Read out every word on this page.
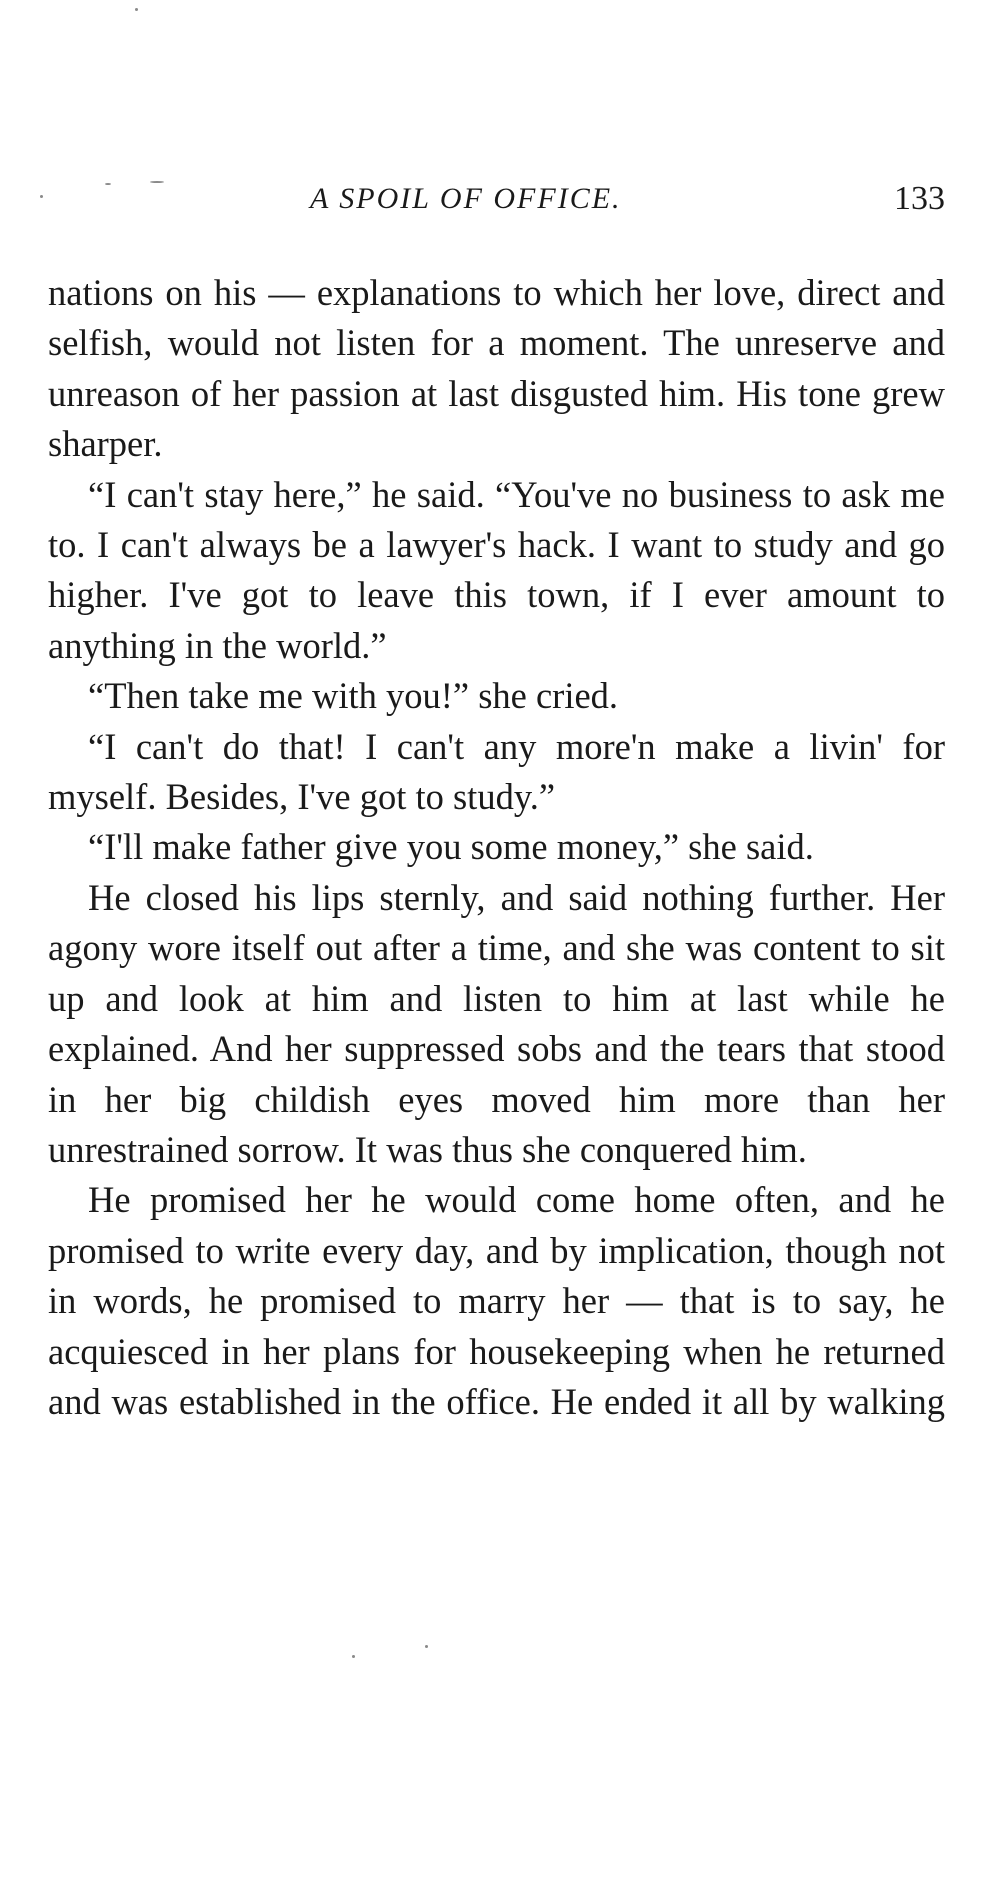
A SPOIL OF OFFICE.	133

nations on his — explanations to which her love, direct and selfish, would not listen for a moment. The unreserve and unreason of her passion at last disgusted him. His tone grew sharper.

“I can't stay here,” he said. “You've no business to ask me to. I can't always be a lawyer's hack. I want to study and go higher. I've got to leave this town, if I ever amount to anything in the world.”

“Then take me with you!” she cried.

“I can't do that! I can't any more'n make a livin' for myself. Besides, I've got to study.”

“I'll make father give you some money,” she said.

He closed his lips sternly, and said nothing further. Her agony wore itself out after a time, and she was content to sit up and look at him and listen to him at last while he explained. And her suppressed sobs and the tears that stood in her big childish eyes moved him more than her unrestrained sorrow. It was thus she conquered him.

He promised her he would come home often, and he promised to write every day, and by implication, though not in words, he promised to marry her — that is to say, he acquiesced in her plans for housekeeping when he returned and was established in the office. He ended it all by walking
